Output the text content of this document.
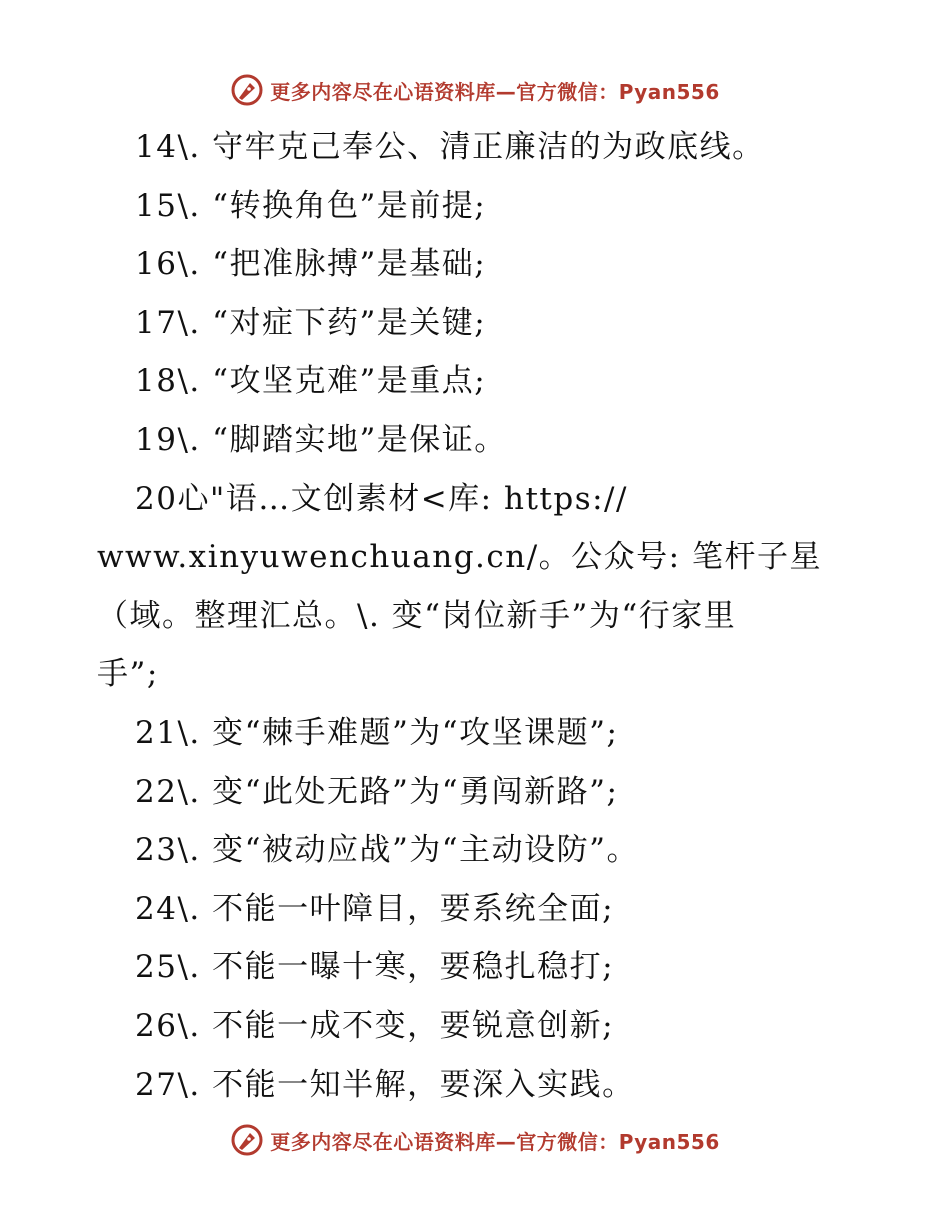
更多内容尽在心语资料库—官方微信：Pyan556
14\. 守牢克己奉公、清正廉洁的为政底线。
15\. “转换角色”是前提;
16\. “把准脉搏”是基础;
17\. “对症下药”是关键;
18\. “攻坚克难”是重点;
19\. “脚踏实地”是保证。
20心"语…文创素材<库: https://
www.xinyuwenchuang.cn/。公众号: 笔杆子星
（域。整理汇总。\. 变“岗位新手”为“行家里
手”;
21\. 变“棘手难题”为“攻坚课题”;
22\. 变“此处无路”为“勇闯新路”;
23\. 变“被动应战”为“主动设防”。
24\. 不能一叶障目，要系统全面;
25\. 不能一曝十寒，要稳扎稳打;
26\. 不能一成不变，要锐意创新;
27\. 不能一知半解，要深入实践。
更多内容尽在心语资料库—官方微信：Pyan556
